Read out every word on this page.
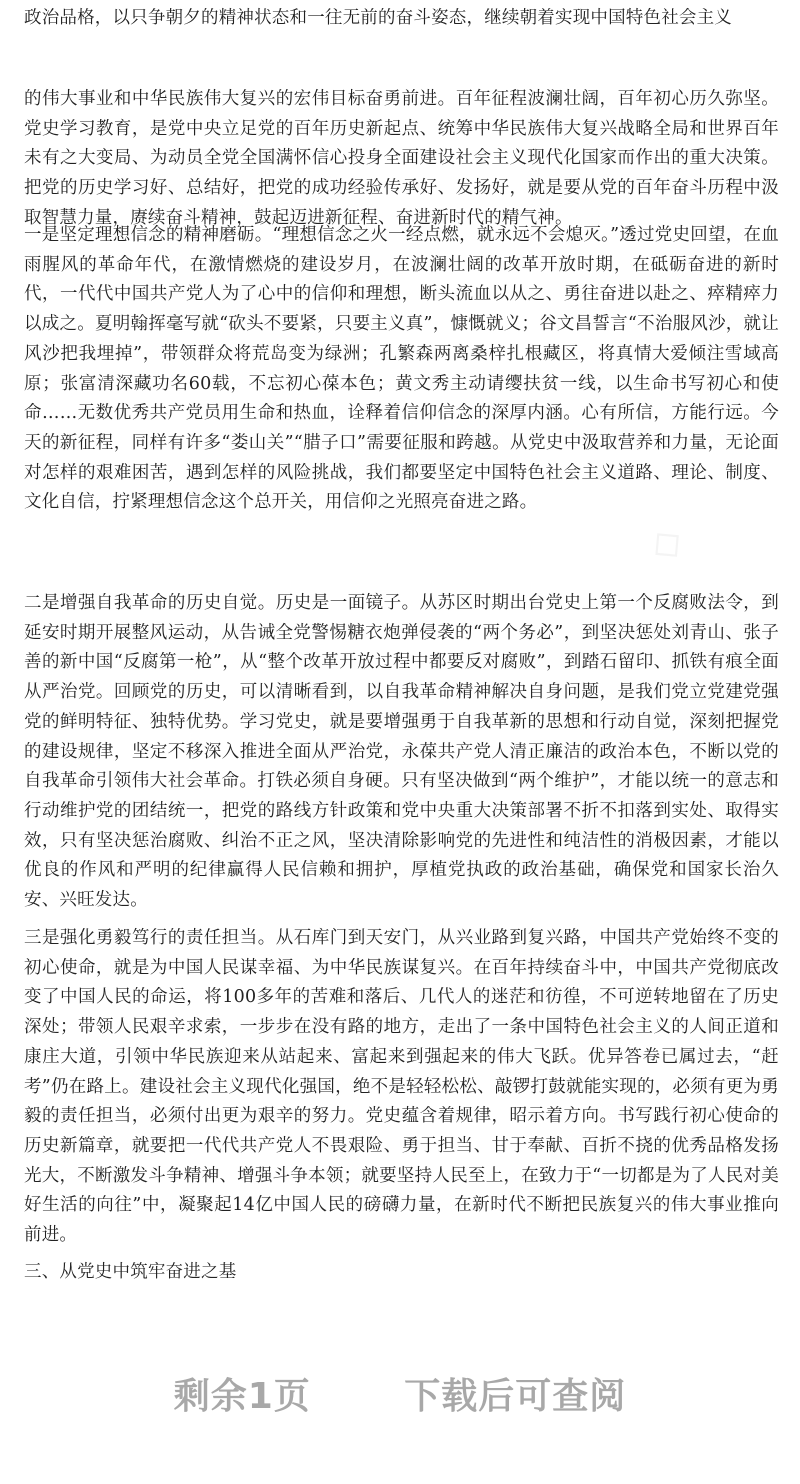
◇

政治品格，以只争朝夕的精神状态和一往无前的奋斗姿态，继续朝着实现中国特色社会主义

的伟大事业和中华民族伟大复兴的宏伟目标奋勇前进。百年征程波澜壮阔，百年初心历久弥坚。党史学习教育，是党中央立足党的百年历史新起点、统筹中华民族伟大复兴战略全局和世界百年未有之大变局、为动员全党全国满怀信心投身全面建设社会主义现代化国家而作出的重大决策。把党的历史学习好、总结好，把党的成功经验传承好、发扬好，就是要从党的百年奋斗历程中汲取智慧力量，赓续奋斗精神，鼓起迈进新征程、奋进新时代的精气神。

一是坚定理想信念的精神磨砺。“理想信念之火一经点燃，就永远不会熄灭。”透过党史回望，在血雨腥风的革命年代，在激情燃烧的建设岁月，在波澜壮阔的改革开放时期，在砥砺奋进的新时代，一代代中国共产党人为了心中的信仰和理想，断头流血以从之、勇往奋进以赴之、瘁精瘁力以成之。夏明翰挥毫写就“砍头不要紧，只要主义真”，慷慨就义；谷文昌誓言“不治服风沙，就让风沙把我埋掉”，带领群众将荒岛变为绿洲；孔繁森两离桑梓扎根藏区，将真情大爱倾注雪域高原；张富清深藏功名60载，不忘初心葆本色；黄文秀主动请缨扶贫一线，以生命书写初心和使命……无数优秀共产党员用生命和热血，诠释着信仰信念的深厚内涵。心有所信，方能行远。今天的新征程，同样有许多“娄山关”“腊子口”需要征服和跨越。从党史中汲取营养和力量，无论面对怎样的艰难困苦，遇到怎样的风险挑战，我们都要坚定中国特色社会主义道路、理论、制度、文化自信，拧紧理想信念这个总开关，用信仰之光照亮奋进之路。

二是增强自我革命的历史自觉。历史是一面镜子。从苏区时期出台党史上第一个反腐败法令，到延安时期开展整风运动，从告诫全党警惕糖衣炮弹侵袭的“两个务必”，到坚决惩处刘青山、张子善的新中国“反腐第一枪”，从“整个改革开放过程中都要反对腐败”，到踏石留印、抓铁有痕全面从严治党。回顾党的历史，可以清晰看到，以自我革命精神解决自身问题，是我们党立党建党强党的鲜明特征、独特优势。学习党史，就是要增强勇于自我革新的思想和行动自觉，深刻把握党的建设规律，坚定不移深入推进全面从严治党，永葆共产党人清正廉洁的政治本色，不断以党的自我革命引领伟大社会革命。打铁必须自身硬。只有坚决做到“两个维护”，才能以统一的意志和行动维护党的团结统一，把党的路线方针政策和党中央重大决策部署不折不扣落到实处、取得实效，只有坚决惩治腐败、纠治不正之风，坚决清除影响党的先进性和纯洁性的消极因素，才能以优良的作风和严明的纪律赢得人民信赖和拥护，厚植党执政的政治基础，确保党和国家长治久安、兴旺发达。

三是强化勇毅笃行的责任担当。从石库门到天安门，从兴业路到复兴路，中国共产党始终不变的初心使命，就是为中国人民谋幸福、为中华民族谋复兴。在百年持续奋斗中，中国共产党彻底改变了中国人民的命运，将100多年的苦难和落后、几代人的迷茫和彷徨，不可逆转地留在了历史深处；带领人民艰辛求索，一步步在没有路的地方，走出了一条中国特色社会主义的人间正道和康庄大道，引领中华民族迎来从站起来、富起来到强起来的伟大飞跃。优异答卷已属过去，“赶考”仍在路上。建设社会主义现代化强国，绝不是轻轻松松、敲锣打鼓就能实现的，必须有更为勇毅的责任担当，必须付出更为艰辛的努力。党史蕴含着规律，昭示着方向。书写践行初心使命的历史新篇章，就要把一代代共产党人不畏艰险、勇于担当、甘于奉献、百折不挠的优秀品格发扬光大，不断激发斗争精神、增强斗争本领；就要坚持人民至上，在致力于“一切都是为了人民对美好生活的向往”中，凝聚起14亿中国人民的磅礴力量，在新时代不断把民族复兴的伟大事业推向前进。

三、从党史中筑牢奋进之基

剩余1页	下载后可查阅
